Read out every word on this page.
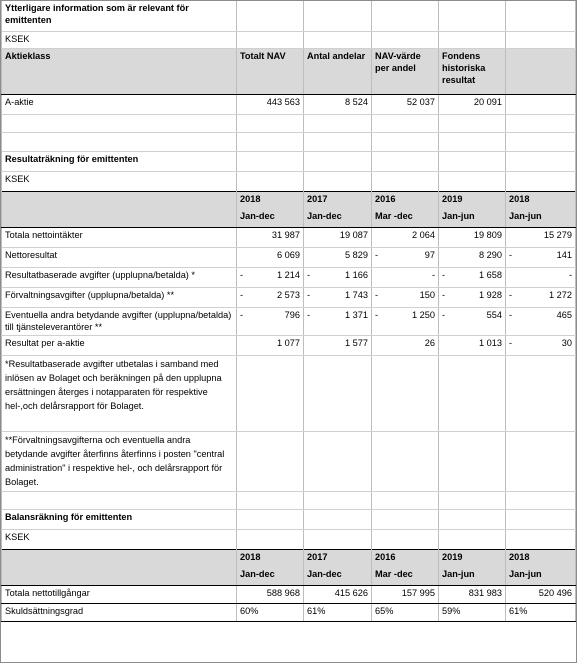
Ytterligare information som är relevant för emittenten					
KSEK					
Aktieklass	Totalt NAV	Antal andelar	NAV-värde per andel	Fondens historiska resultat	
A-aktie	443 563	8 524	52 037	20 091	

Resultaträkning för emittenten					
KSEK					
	2018	2017	2016	2019	2018
	Jan-dec	Jan-dec	Mar -dec	Jan-jun	Jan-jun
Totala nettointäkter	31 987	19 087	2 064	19 809	15 279

Nettoresultat	6 069	5 829	- 97	8 290	- 141

Resultatbaserade avgifter (upplupna/betalda) *	- 1 214	- 1 166	-	- 1 658	-

Förvaltningsavgifter (upplupna/betalda) **	- 2 573	- 1 743	- 150	- 1 928	- 1 272

Eventuella andra betydande avgifter (upplupna/betalda) till tjänsteleverantörer **	- 796	- 1 371	- 1 250	- 554	- 465

Resultat per a-aktie	1 077	1 577	26	1 013	- 30

*Resultatbaserade avgifter utbetalas i samband med inlösen av Bolaget och beräkningen på den upplupna ersättningen återges i notapparaten för respektive hel-,och delårsrapport för Bolaget.					
**Förvaltningsavgifterna och eventuella andra betydande avgifter återfinns återfinns i posten "central administration" i respektive hel-, och delårsrapport för Bolaget.					

Balansräkning för emittenten					
KSEK					
	2018	2017	2016	2019	2018
	Jan-dec	Jan-dec	Mar -dec	Jan-jun	Jan-jun
Totala nettotillgångar	588 968	415 626	157 995	831 983	520 496
Skuldsättningsgrad	60%	61%	65%	59%	61%
